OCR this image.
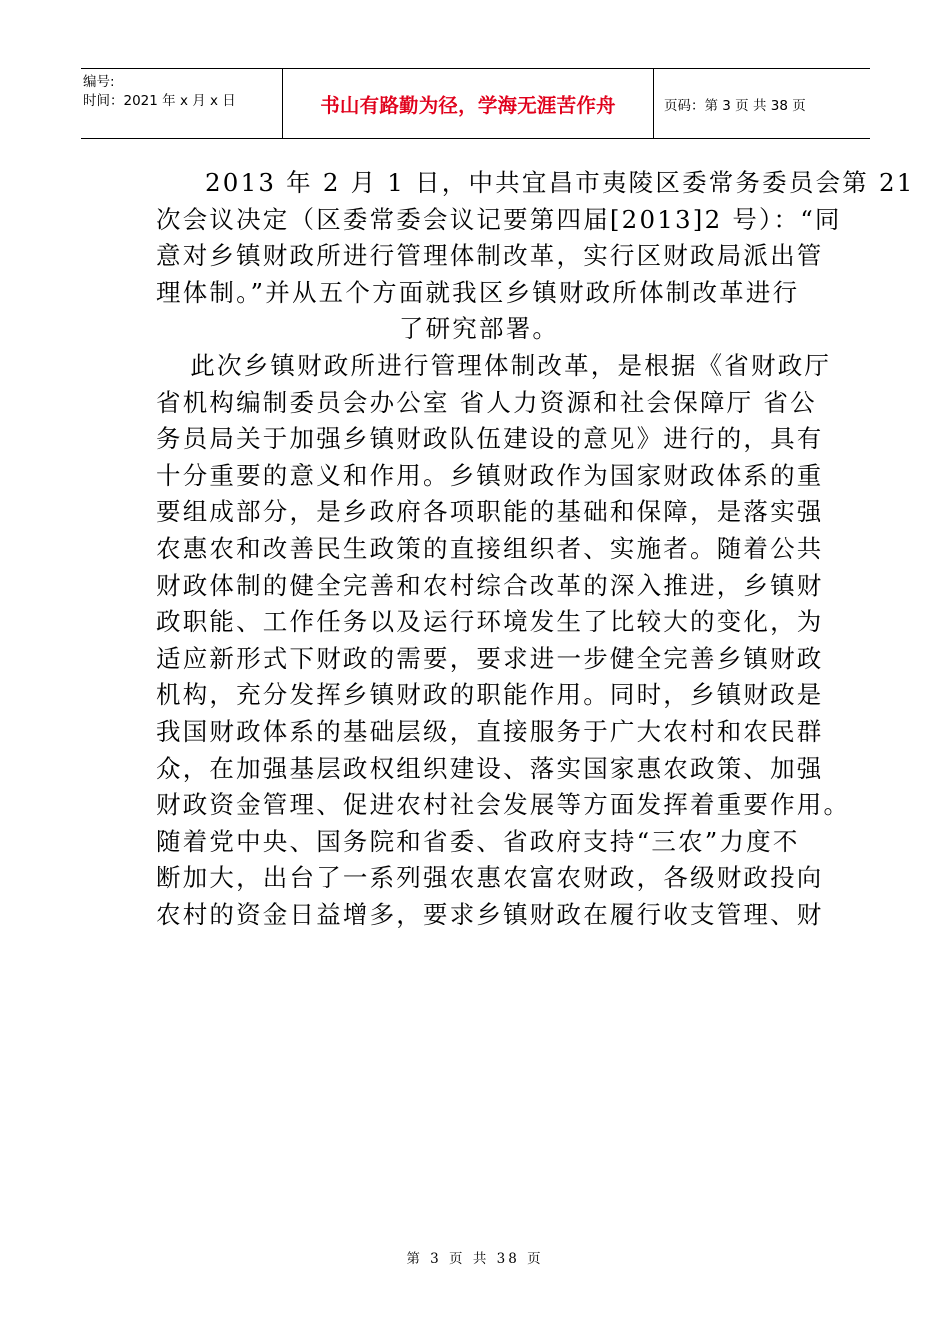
编号:
时间：2021 年 x 月 x 日	书山有路勤为径，学海无涯苦作舟	页码：第 3 页 共 38 页

2013 年 2 月 1 日，中共宜昌市夷陵区委常务委员会第 21
次会议决定（区委常委会议记要第四届[2013]2 号）：“同
意对乡镇财政所进行管理体制改革，实行区财政局派出管
理体制。”并从五个方面就我区乡镇财政所体制改革进行
了研究部署。

此次乡镇财政所进行管理体制改革，是根据《省财政厅
省机构编制委员会办公室 省人力资源和社会保障厅 省公
务员局关于加强乡镇财政队伍建设的意见》进行的，具有
十分重要的意义和作用。乡镇财政作为国家财政体系的重
要组成部分，是乡政府各项职能的基础和保障，是落实强
农惠农和改善民生政策的直接组织者、实施者。随着公共
财政体制的健全完善和农村综合改革的深入推进，乡镇财
政职能、工作任务以及运行环境发生了比较大的变化，为
适应新形式下财政的需要，要求进一步健全完善乡镇财政
机构，充分发挥乡镇财政的职能作用。同时，乡镇财政是
我国财政体系的基础层级，直接服务于广大农村和农民群
众，在加强基层政权组织建设、落实国家惠农政策、加强
财政资金管理、促进农村社会发展等方面发挥着重要作用。
随着党中央、国务院和省委、省政府支持“三农”力度不
断加大，出台了一系列强农惠农富农财政，各级财政投向
农村的资金日益增多，要求乡镇财政在履行收支管理、财

第 3 页 共 38 页
